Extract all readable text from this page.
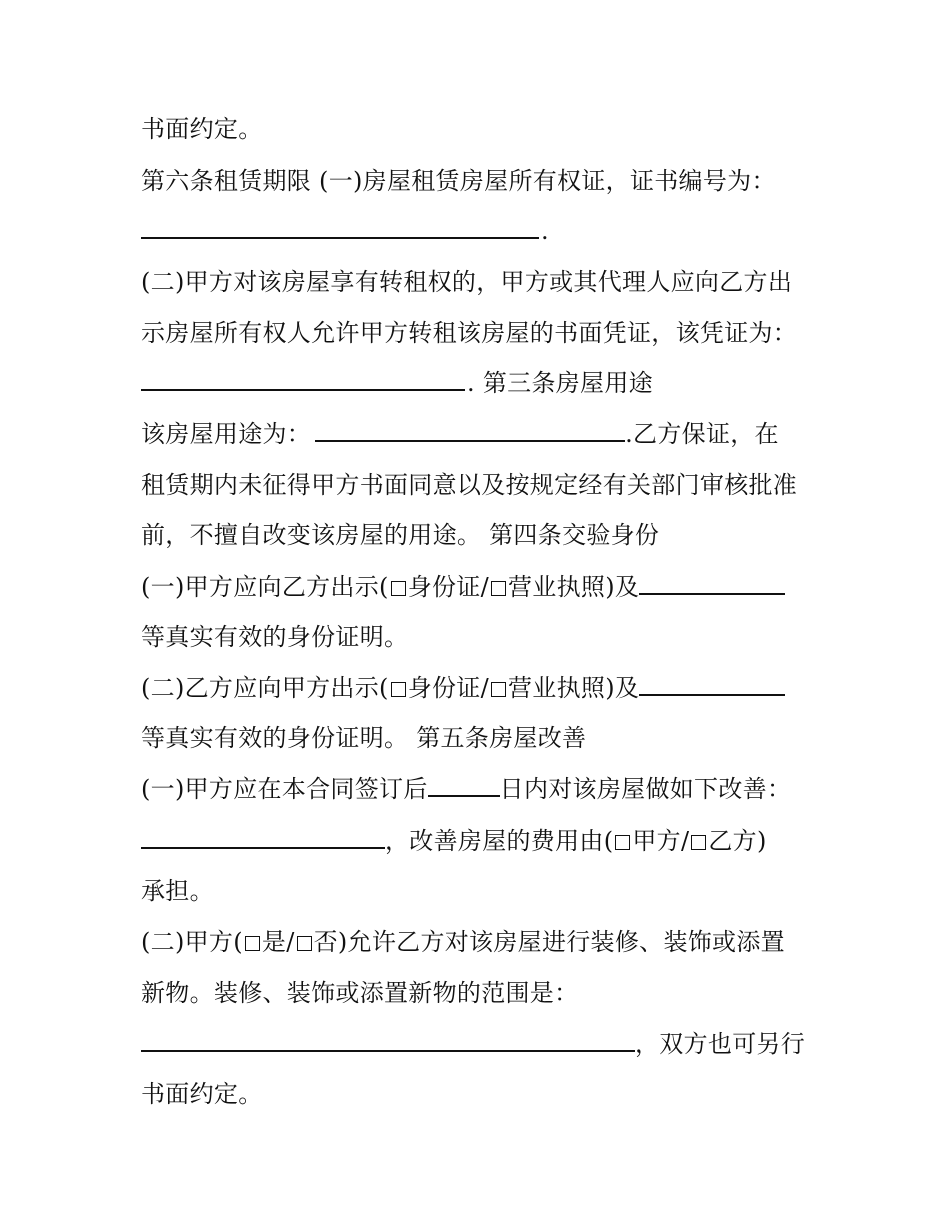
书面约定。
第六条租赁期限 (一)房屋租赁房屋所有权证，证书编号为：
.
(二)甲方对该房屋享有转租权的，甲方或其代理人应向乙方出
示房屋所有权人允许甲方转租该房屋的书面凭证，该凭证为：
. 第三条房屋用途
该房屋用途为：	.乙方保证，在
租赁期内未征得甲方书面同意以及按规定经有关部门审核批准
前，不擅自改变该房屋的用途。 第四条交验身份
(一)甲方应向乙方出示( 身份证/ 营业执照)及
等真实有效的身份证明。
(二)乙方应向甲方出示( 身份证/ 营业执照)及
等真实有效的身份证明。 第五条房屋改善
(一)甲方应在本合同签订后	日内对该房屋做如下改善：
，改善房屋的费用由( 甲方/ 乙方)
承担。
(二)甲方( 是/ 否)允许乙方对该房屋进行装修、装饰或添置
新物。装修、装饰或添置新物的范围是：
，双方也可另行
书面约定。
